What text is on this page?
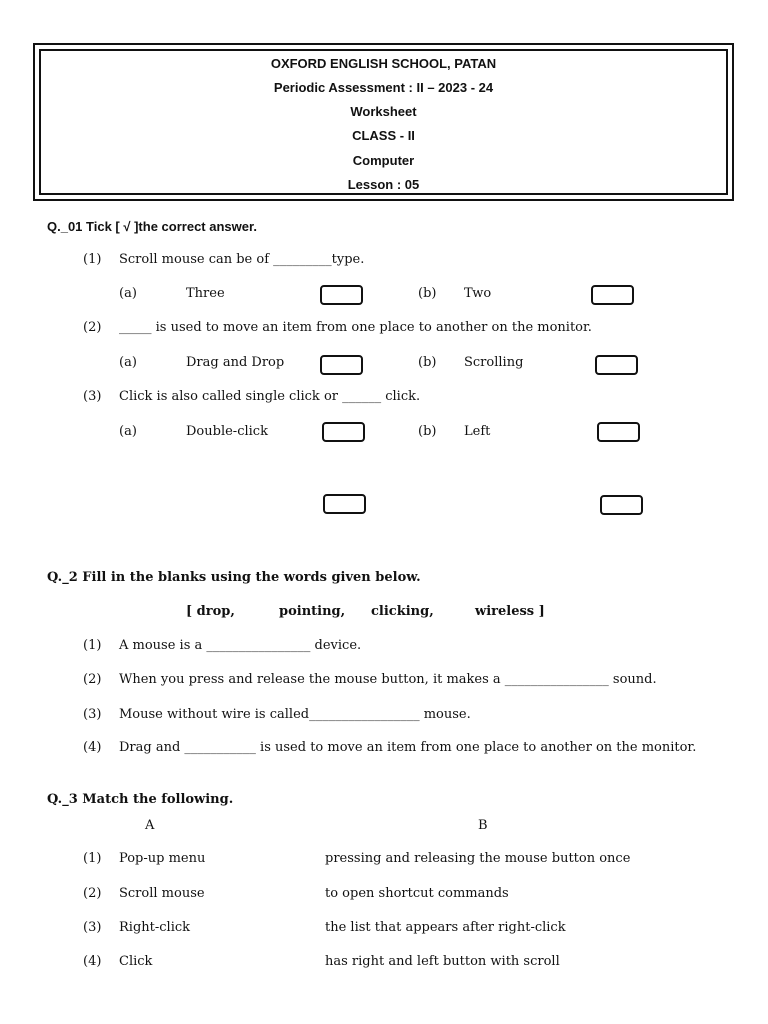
OXFORD ENGLISH SCHOOL, PATAN
Periodic Assessment : II – 2023 - 24
Worksheet
CLASS - II
Computer
Lesson : 05
Q._01 Tick [ √ ]the correct answer.
(1) Scroll mouse can be of _________type.
(a)	Three	(b) Two
(2) _____ is used to move an item from one place to another on the monitor.
(a)	Drag and Drop	(b) Scrolling
(3) Click is also called single click or ______ click.
(a)	Double-click	(b) Left
Q._2 Fill in the blanks using the words given below.
[ drop,	pointing, clicking,	wireless ]
(1) A mouse is a ________________ device.
(2) When you press and release the mouse button, it makes a ________________ sound.
(3) Mouse without wire is called_________________ mouse.
(4) Drag and ___________ is used to move an item from one place to another on the monitor.
Q._3 Match the following.
A	B
(1) Pop-up menu	pressing and releasing the mouse button once
(2) Scroll mouse	to open shortcut commands
(3) Right-click	the list that appears after right-click
(4) Click	has right and left button with scroll
